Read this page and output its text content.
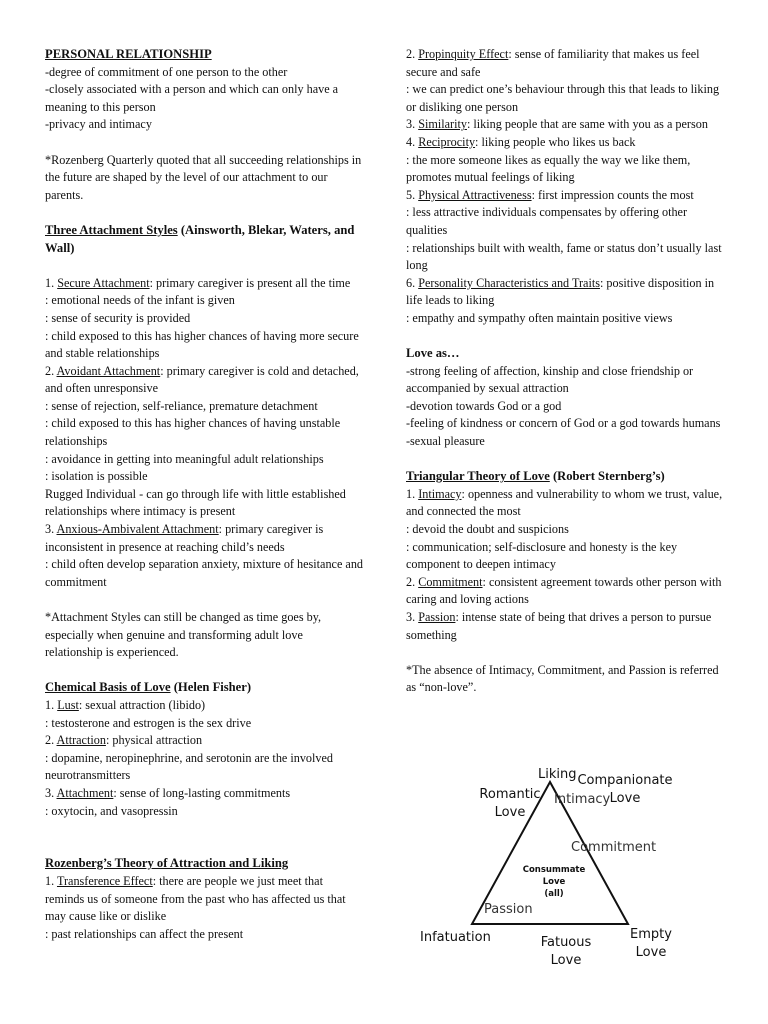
PERSONAL RELATIONSHIP

-degree of commitment of one person to the other

-closely associated with a person and which can only have a meaning to this person

-privacy and intimacy

*Rozenberg Quarterly quoted that all succeeding relationships in the future are shaped by the level of our attachment to our parents.

Three Attachment Styles (Ainsworth, Blekar, Waters, and Wall)

1. Secure Attachment: primary caregiver is present all the time

: emotional needs of the infant is given

: sense of security is provided

: child exposed to this has higher chances of having more secure and stable relationships

2. Avoidant Attachment: primary caregiver is cold and detached, and often unresponsive

: sense of rejection, self-reliance, premature detachment

: child exposed to this has higher chances of having unstable relationships

: avoidance in getting into meaningful adult relationships

: isolation is possible

Rugged Individual - can go through life with little established relationships where intimacy is present

3. Anxious-Ambivalent Attachment: primary caregiver is inconsistent in presence at reaching child’s needs

: child often develop separation anxiety, mixture of hesitance and commitment

*Attachment Styles can still be changed as time goes by, especially when genuine and transforming adult love relationship is experienced.

Chemical Basis of Love (Helen Fisher)

1. Lust: sexual attraction (libido)

: testosterone and estrogen is the sex drive

2. Attraction: physical attraction

: dopamine, neropinephrine, and serotonin are the involved neurotransmitters

3. Attachment: sense of long-lasting commitments

: oxytocin, and vasopressin

Rozenberg’s Theory of Attraction and Liking

1. Transference Effect: there are people we just meet that reminds us of someone from the past who has affected us that may cause like or dislike

: past relationships can affect the present

2. Propinquity Effect: sense of familiarity that makes us feel secure and safe

: we can predict one’s behaviour through this that leads to liking or disliking one person

3. Similarity: liking people that are same with you as a person

4. Reciprocity: liking people who likes us back

: the more someone likes as equally the way we like them, promotes mutual feelings of liking

5. Physical Attractiveness: first impression counts the most

: less attractive individuals compensates by offering other qualities

: relationships built with wealth, fame or status don’t usually last long

6. Personality Characteristics and Traits: positive disposition in life leads to liking

: empathy and sympathy often maintain positive views

Love as…

-strong feeling of affection, kinship and close friendship or accompanied by sexual attraction

-devotion towards God or a god

-feeling of kindness or concern of God or a god towards humans

-sexual pleasure

Triangular Theory of Love (Robert Sternberg’s)

1. Intimacy: openness and vulnerability to whom we trust, value, and connected the most

: devoid the doubt and suspicions

: communication; self-disclosure and honesty is the key component to deepen intimacy

2. Commitment: consistent agreement towards other person with caring and loving actions

3. Passion: intense state of being that drives a person to pursue something

*The absence of Intimacy, Commitment, and Passion is referred as “non-love”.

Liking Companionate
Love
Romantic
Love
Intimacy
Commitment
Passion
Consummate
Love
(all)
Infatuation	Fatuous
Love
Empty
Love
